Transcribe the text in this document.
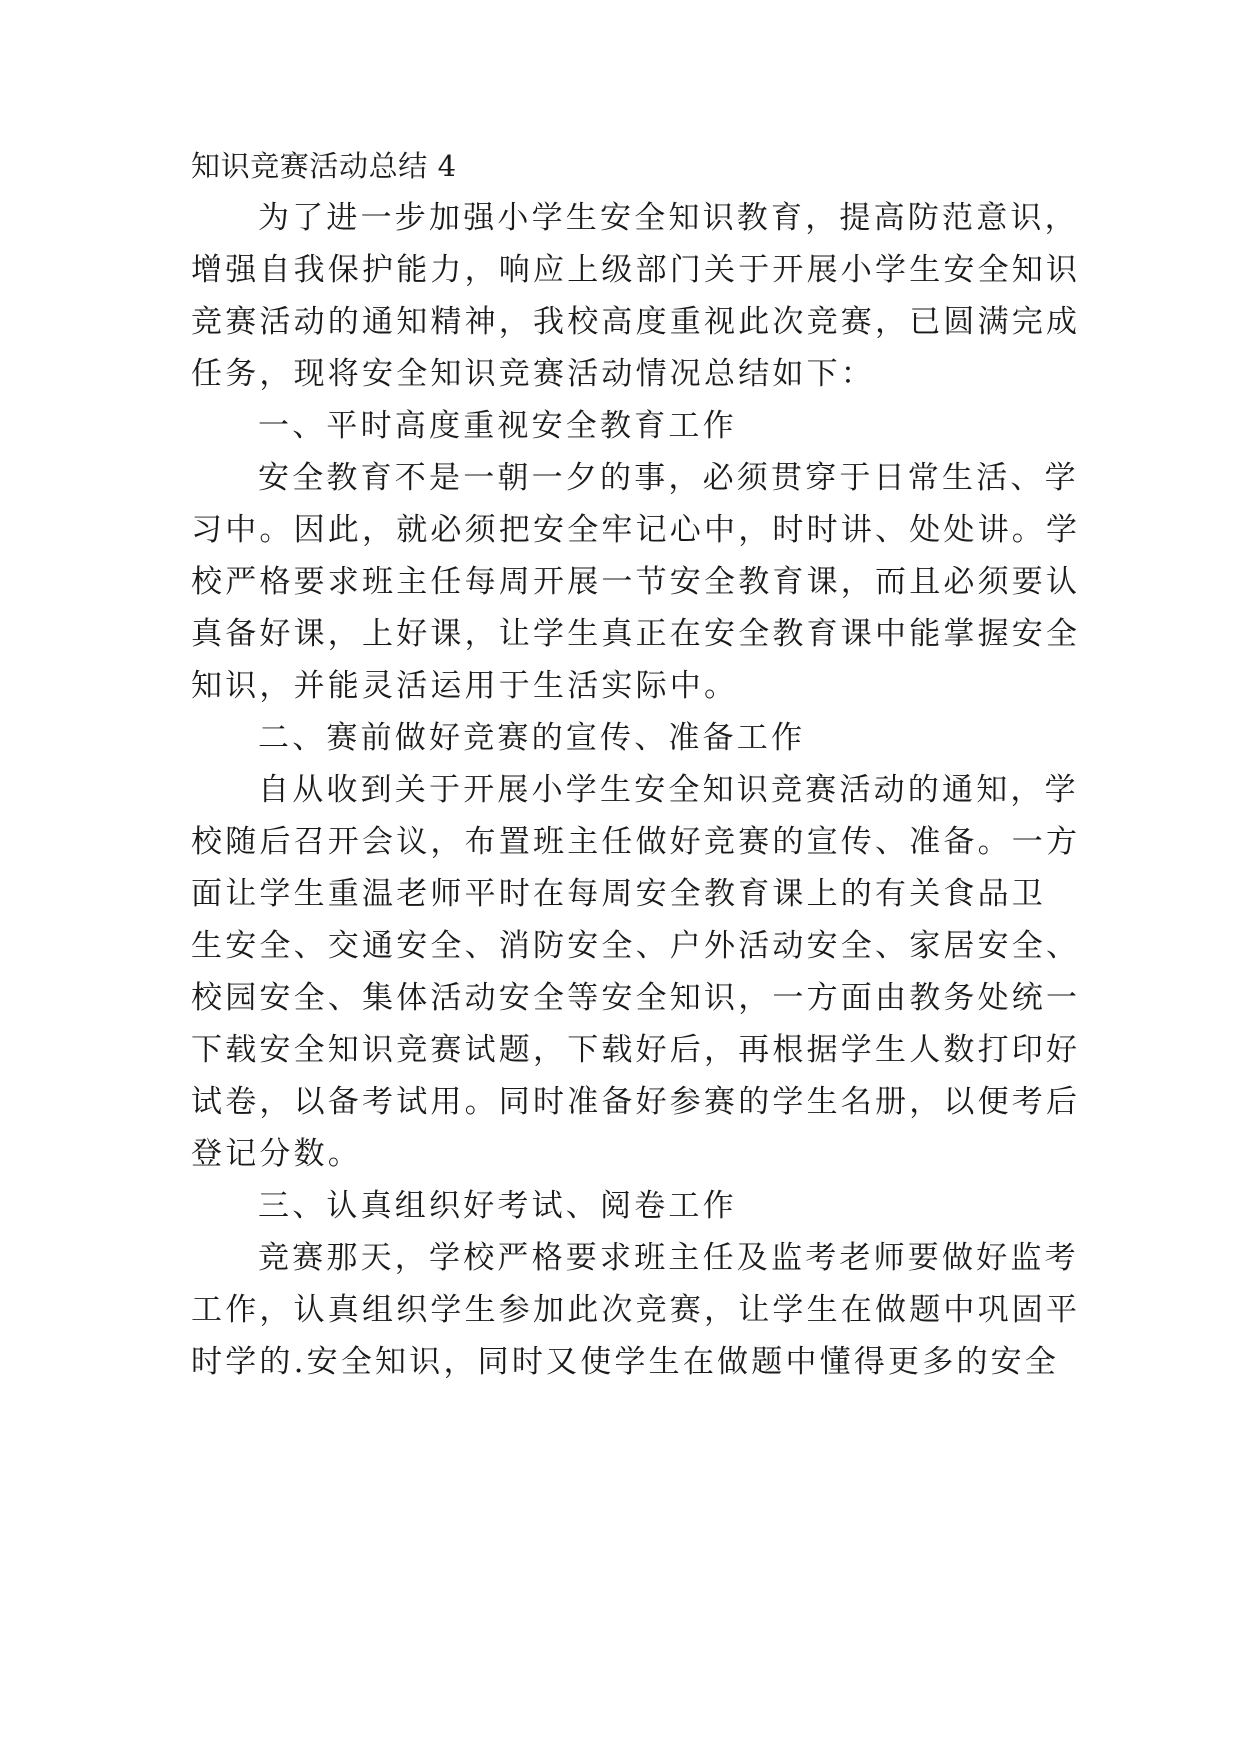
知识竞赛活动总结 4
为了进一步加强小学生安全知识教育，提高防范意识，
增强自我保护能力，响应上级部门关于开展小学生安全知识
竞赛活动的通知精神，我校高度重视此次竞赛，已圆满完成
任务，现将安全知识竞赛活动情况总结如下：
一、平时高度重视安全教育工作
安全教育不是一朝一夕的事，必须贯穿于日常生活、学
习中。因此，就必须把安全牢记心中，时时讲、处处讲。学
校严格要求班主任每周开展一节安全教育课，而且必须要认
真备好课，上好课，让学生真正在安全教育课中能掌握安全
知识，并能灵活运用于生活实际中。
二、赛前做好竞赛的宣传、准备工作
自从收到关于开展小学生安全知识竞赛活动的通知，学
校随后召开会议，布置班主任做好竞赛的宣传、准备。一方
面让学生重温老师平时在每周安全教育课上的有关食品卫
生安全、交通安全、消防安全、户外活动安全、家居安全、
校园安全、集体活动安全等安全知识，一方面由教务处统一
下载安全知识竞赛试题，下载好后，再根据学生人数打印好
试卷，以备考试用。同时准备好参赛的学生名册，以便考后
登记分数。
三、认真组织好考试、阅卷工作
竞赛那天，学校严格要求班主任及监考老师要做好监考
工作，认真组织学生参加此次竞赛，让学生在做题中巩固平
时学的.安全知识，同时又使学生在做题中懂得更多的安全
